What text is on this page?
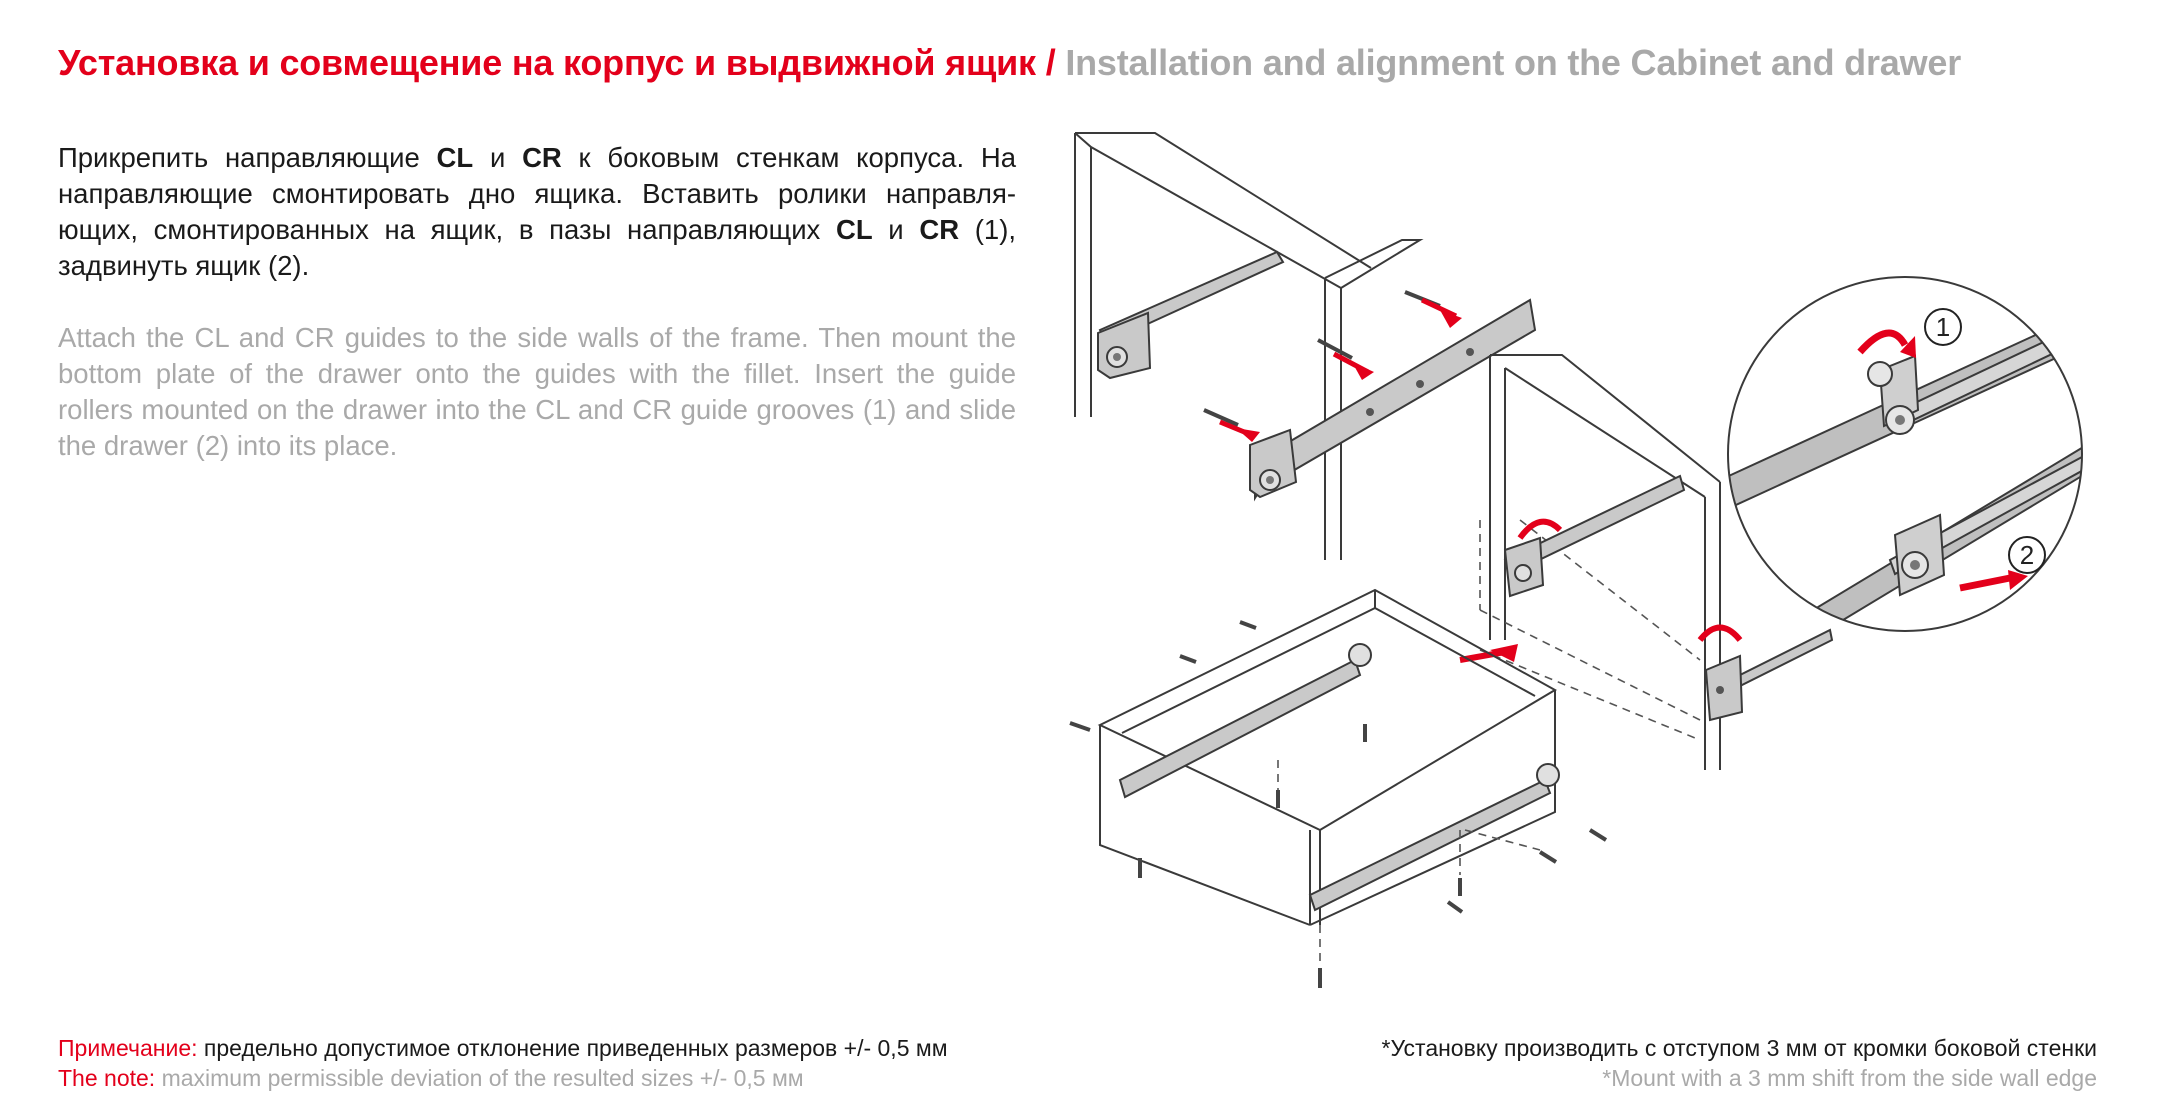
Установка и совмещение на корпус и выдвижной ящик / Installation and alignment on the Cabinet and drawer

Прикрепить направляющие CL и CR к боковым стенкам корпуса. На направляющие смонтировать дно ящика. Вставить ролики направля-ющих, смонтированных на ящик, в пазы направляющих CL и CR (1), задвинуть ящик (2).

Attach the CL and CR guides to the side walls of the frame. Then mount the bottom plate of the drawer onto the guides with the fillet. Insert the guide rollers mounted on the drawer into the CL and CR guide grooves (1) and slide the drawer (2) into its place.

1
2
Примечание: предельно допустимое отклонение приведенных размеров +/- 0,5 мм
The note: maximum permissible deviation of the resulted sizes +/- 0,5 мм
*Установку производить с отступом 3 мм от кромки боковой стенки
*Mount with a 3 mm shift from the side wall edge
